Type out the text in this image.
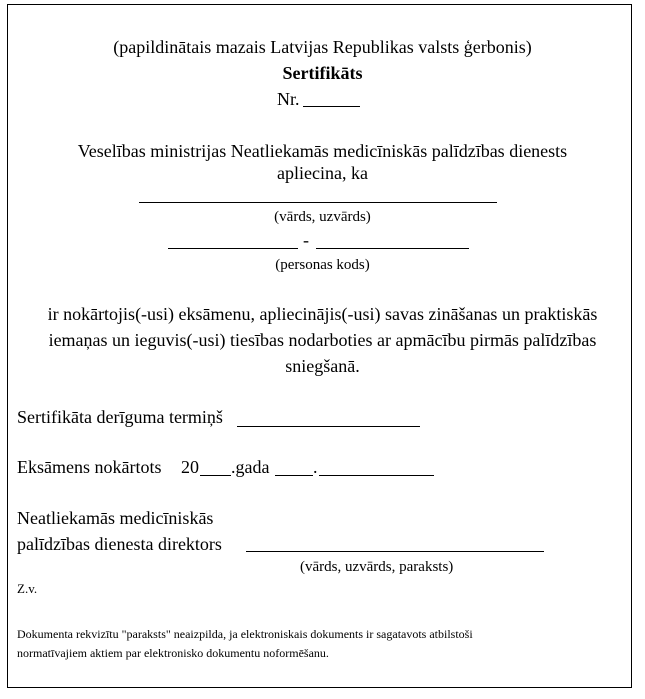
(papildinātais mazais Latvijas Republikas valsts ģerbonis)
Sertifikāts
Nr.
Veselības ministrijas Neatliekamās medicīniskās palīdzības dienests
apliecina, ka
(vārds, uzvārds)
-
(personas kods)
ir nokārtojis(-usi) eksāmenu, apliecinājis(-usi) savas zināšanas un praktiskās
iemaņas un ieguvis(-usi) tiesības nodarboties ar apmācību pirmās palīdzības
sniegšanā.
Sertifikāta derīguma termiņš
Eksāmens nokārtots 20 .gada .
Neatliekamās medicīniskās
palīdzības dienesta direktors
(vārds, uzvārds, paraksts)
Z.v.
Dokumenta rekvizītu "paraksts" neaizpilda, ja elektroniskais dokuments ir sagatavots atbilstoši
normatīvajiem aktiem par elektronisko dokumentu noformēšanu.
